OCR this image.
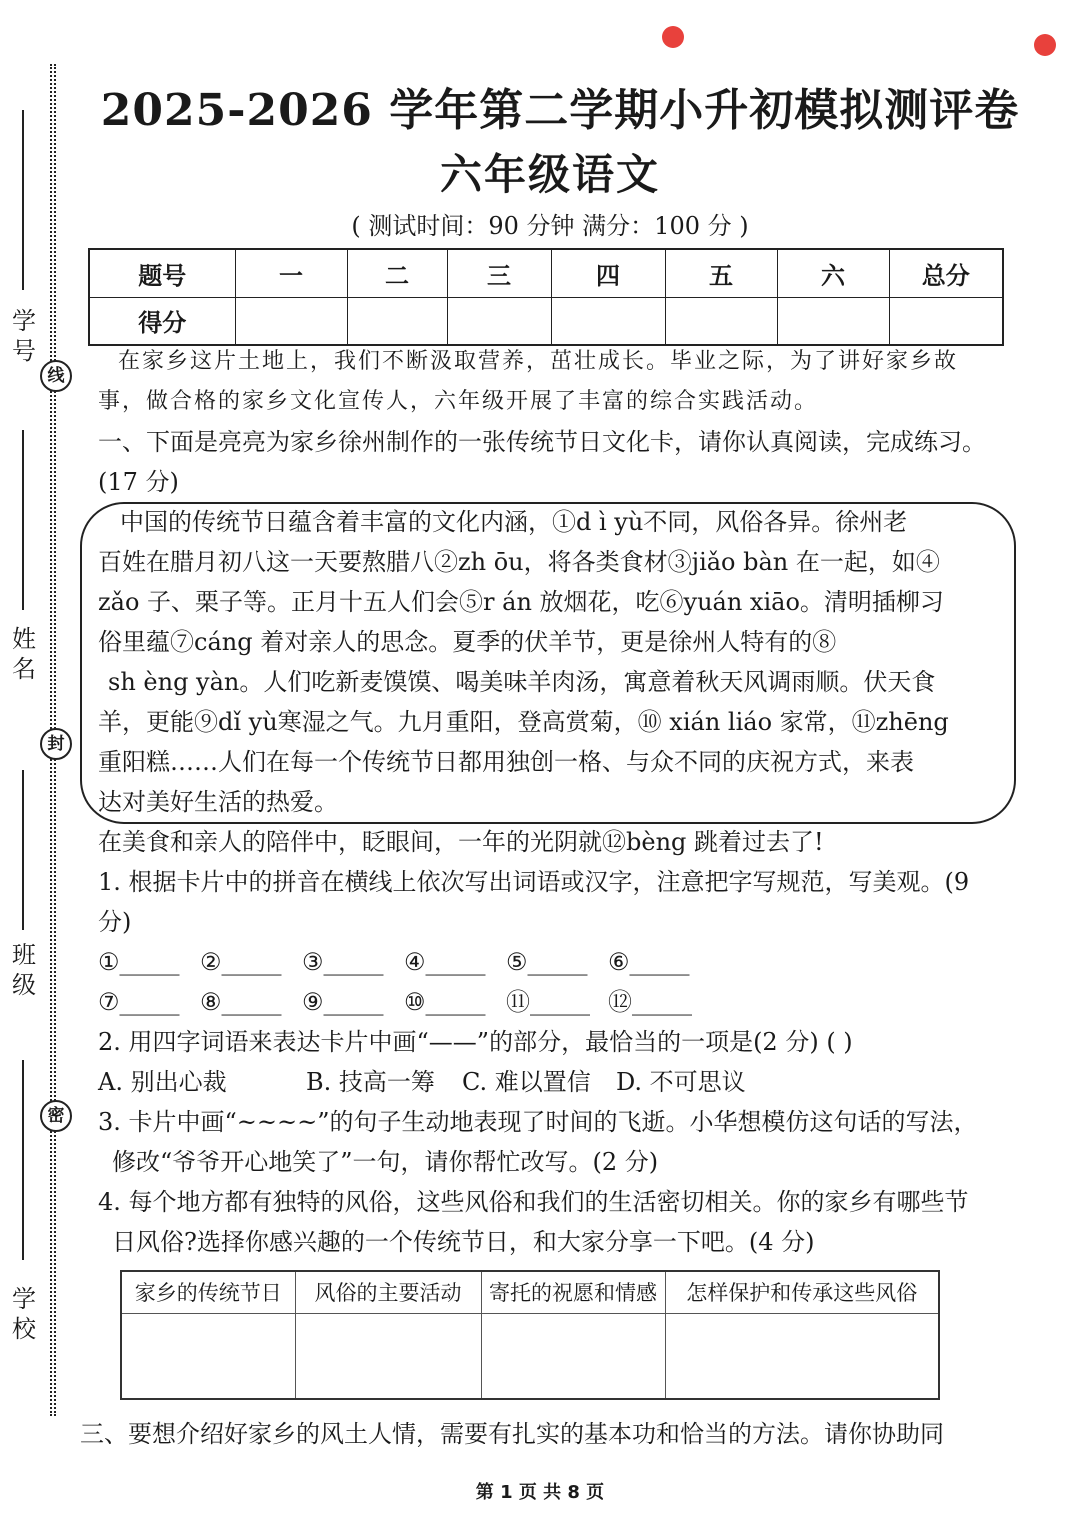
学号
线
姓名
封
班级
密
学校
2025-2026 学年第二学期小升初模拟测评卷
六年级语文
( 测试时间：90 分钟 满分：100 分 )
题号	一	二	三	四	五	六	总分
得分							
在家乡这片土地上，我们不断汲取营养，茁壮成长。毕业之际，为了讲好家乡故
事，做合格的家乡文化宣传人，六年级开展了丰富的综合实践活动。
一、下面是亮亮为家乡徐州制作的一张传统节日文化卡，请你认真阅读，完成练习。
(17 分)
中国的传统节日蕴含着丰富的文化内涵，①d ì yù不同，风俗各异。徐州老
百姓在腊月初八这一天要熬腊八②zh ōu，将各类食材③jiǎo bàn 在一起，如④
zǎo 子、栗子等。正月十五人们会⑤r án 放烟花，吃⑥yuán xiāo。清明插柳习
俗里蕴⑦cáng 着对亲人的思念。夏季的伏羊节，更是徐州人特有的⑧
sh èng yàn。人们吃新麦馍馍、喝美味羊肉汤，寓意着秋天风调雨顺。伏天食
羊，更能⑨dǐ yù寒湿之气。九月重阳，登高赏菊，⑩ xián liáo 家常，⑪zhēng
重阳糕……人们在每一个传统节日都用独创一格、与众不同的庆祝方式，来表
达对美好生活的热爱。
在美食和亲人的陪伴中，眨眼间，一年的光阴就⑫bèng 跳着过去了!
1. 根据卡片中的拼音在横线上依次写出词语或汉字，注意把字写规范，写美观。(9
分)
①_____ ②_____ ③_____ ④_____ ⑤_____ ⑥_____
⑦_____ ⑧_____ ⑨_____ ⑩_____ ⑪_____ ⑫_____
2. 用四字词语来表达卡片中画“——”的部分，最恰当的一项是(2 分) ( )
A. 别出心裁	B. 技高一筹 C. 难以置信 D. 不可思议
3. 卡片中画“~~~~”的句子生动地表现了时间的飞逝。小华想模仿这句话的写法，
修改“爷爷开心地笑了”一句，请你帮忙改写。(2 分)
4. 每个地方都有独特的风俗，这些风俗和我们的生活密切相关。你的家乡有哪些节
日风俗?选择你感兴趣的一个传统节日，和大家分享一下吧。(4 分)
家乡的传统节日	风俗的主要活动	寄托的祝愿和情感	怎样保护和传承这些风俗

三、要想介绍好家乡的风土人情，需要有扎实的基本功和恰当的方法。请你协助同
第 1 页 共 8 页
